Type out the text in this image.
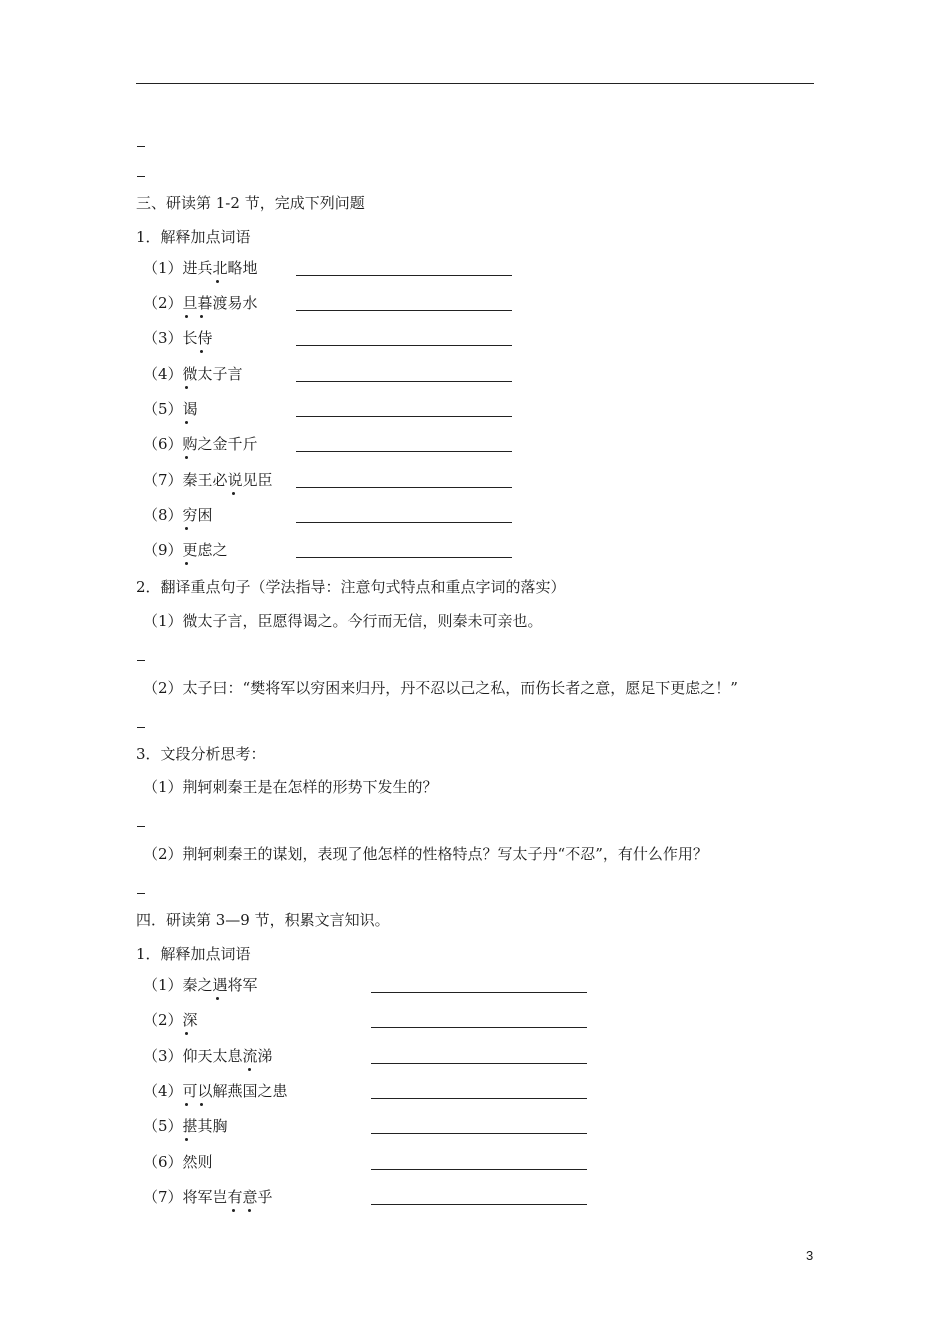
三、研读第 1-2 节，完成下列问题
1．解释加点词语
（1）进兵北略地
（2）旦暮渡易水
（3）长侍
（4）微太子言
（5）谒
（6）购之金千斤
（7）秦王必说见臣
（8）穷困
（9）更虑之
2．翻译重点句子（学法指导：注意句式特点和重点字词的落实）
（1）微太子言，臣愿得谒之。今行而无信，则秦未可亲也。
（2）太子曰：“樊将军以穷困来归丹，丹不忍以己之私，而伤长者之意，愿足下更虑之！”
3．文段分析思考：
（1）荆轲刺秦王是在怎样的形势下发生的？
（2）荆轲刺秦王的谋划，表现了他怎样的性格特点？写太子丹“不忍”，有什么作用？
四．研读第 3—9 节，积累文言知识。
1．解释加点词语
（1）秦之遇将军
（2）深
（3）仰天太息流涕
（4）可以解燕国之患
（5）揕其胸
（6）然则
（7）将军岂有意乎
3
